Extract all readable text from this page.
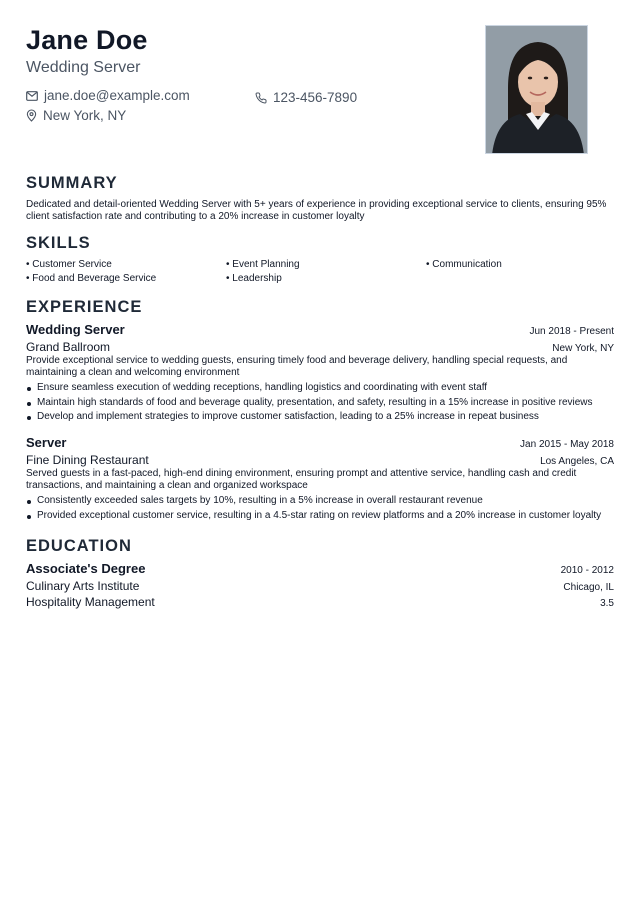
Jane Doe
Wedding Server
jane.doe@example.com	123-456-7890
New York, NY
SUMMARY
Dedicated and detail-oriented Wedding Server with 5+ years of experience in providing exceptional service to clients, ensuring 95% client satisfaction rate and contributing to a 20% increase in customer loyalty
SKILLS
• Customer Service	• Event Planning	• Communication
• Food and Beverage Service	• Leadership
EXPERIENCE
Wedding Server	Jun 2018 - Present
Grand Ballroom	New York, NY
Provide exceptional service to wedding guests, ensuring timely food and beverage delivery, handling special requests, and maintaining a clean and welcoming environment
Ensure seamless execution of wedding receptions, handling logistics and coordinating with event staff
Maintain high standards of food and beverage quality, presentation, and safety, resulting in a 15% increase in positive reviews
Develop and implement strategies to improve customer satisfaction, leading to a 25% increase in repeat business
Server	Jan 2015 - May 2018
Fine Dining Restaurant	Los Angeles, CA
Served guests in a fast-paced, high-end dining environment, ensuring prompt and attentive service, handling cash and credit transactions, and maintaining a clean and organized workspace
Consistently exceeded sales targets by 10%, resulting in a 5% increase in overall restaurant revenue
Provided exceptional customer service, resulting in a 4.5-star rating on review platforms and a 20% increase in customer loyalty
EDUCATION
Associate's Degree	2010 - 2012
Culinary Arts Institute	Chicago, IL
Hospitality Management	3.5
